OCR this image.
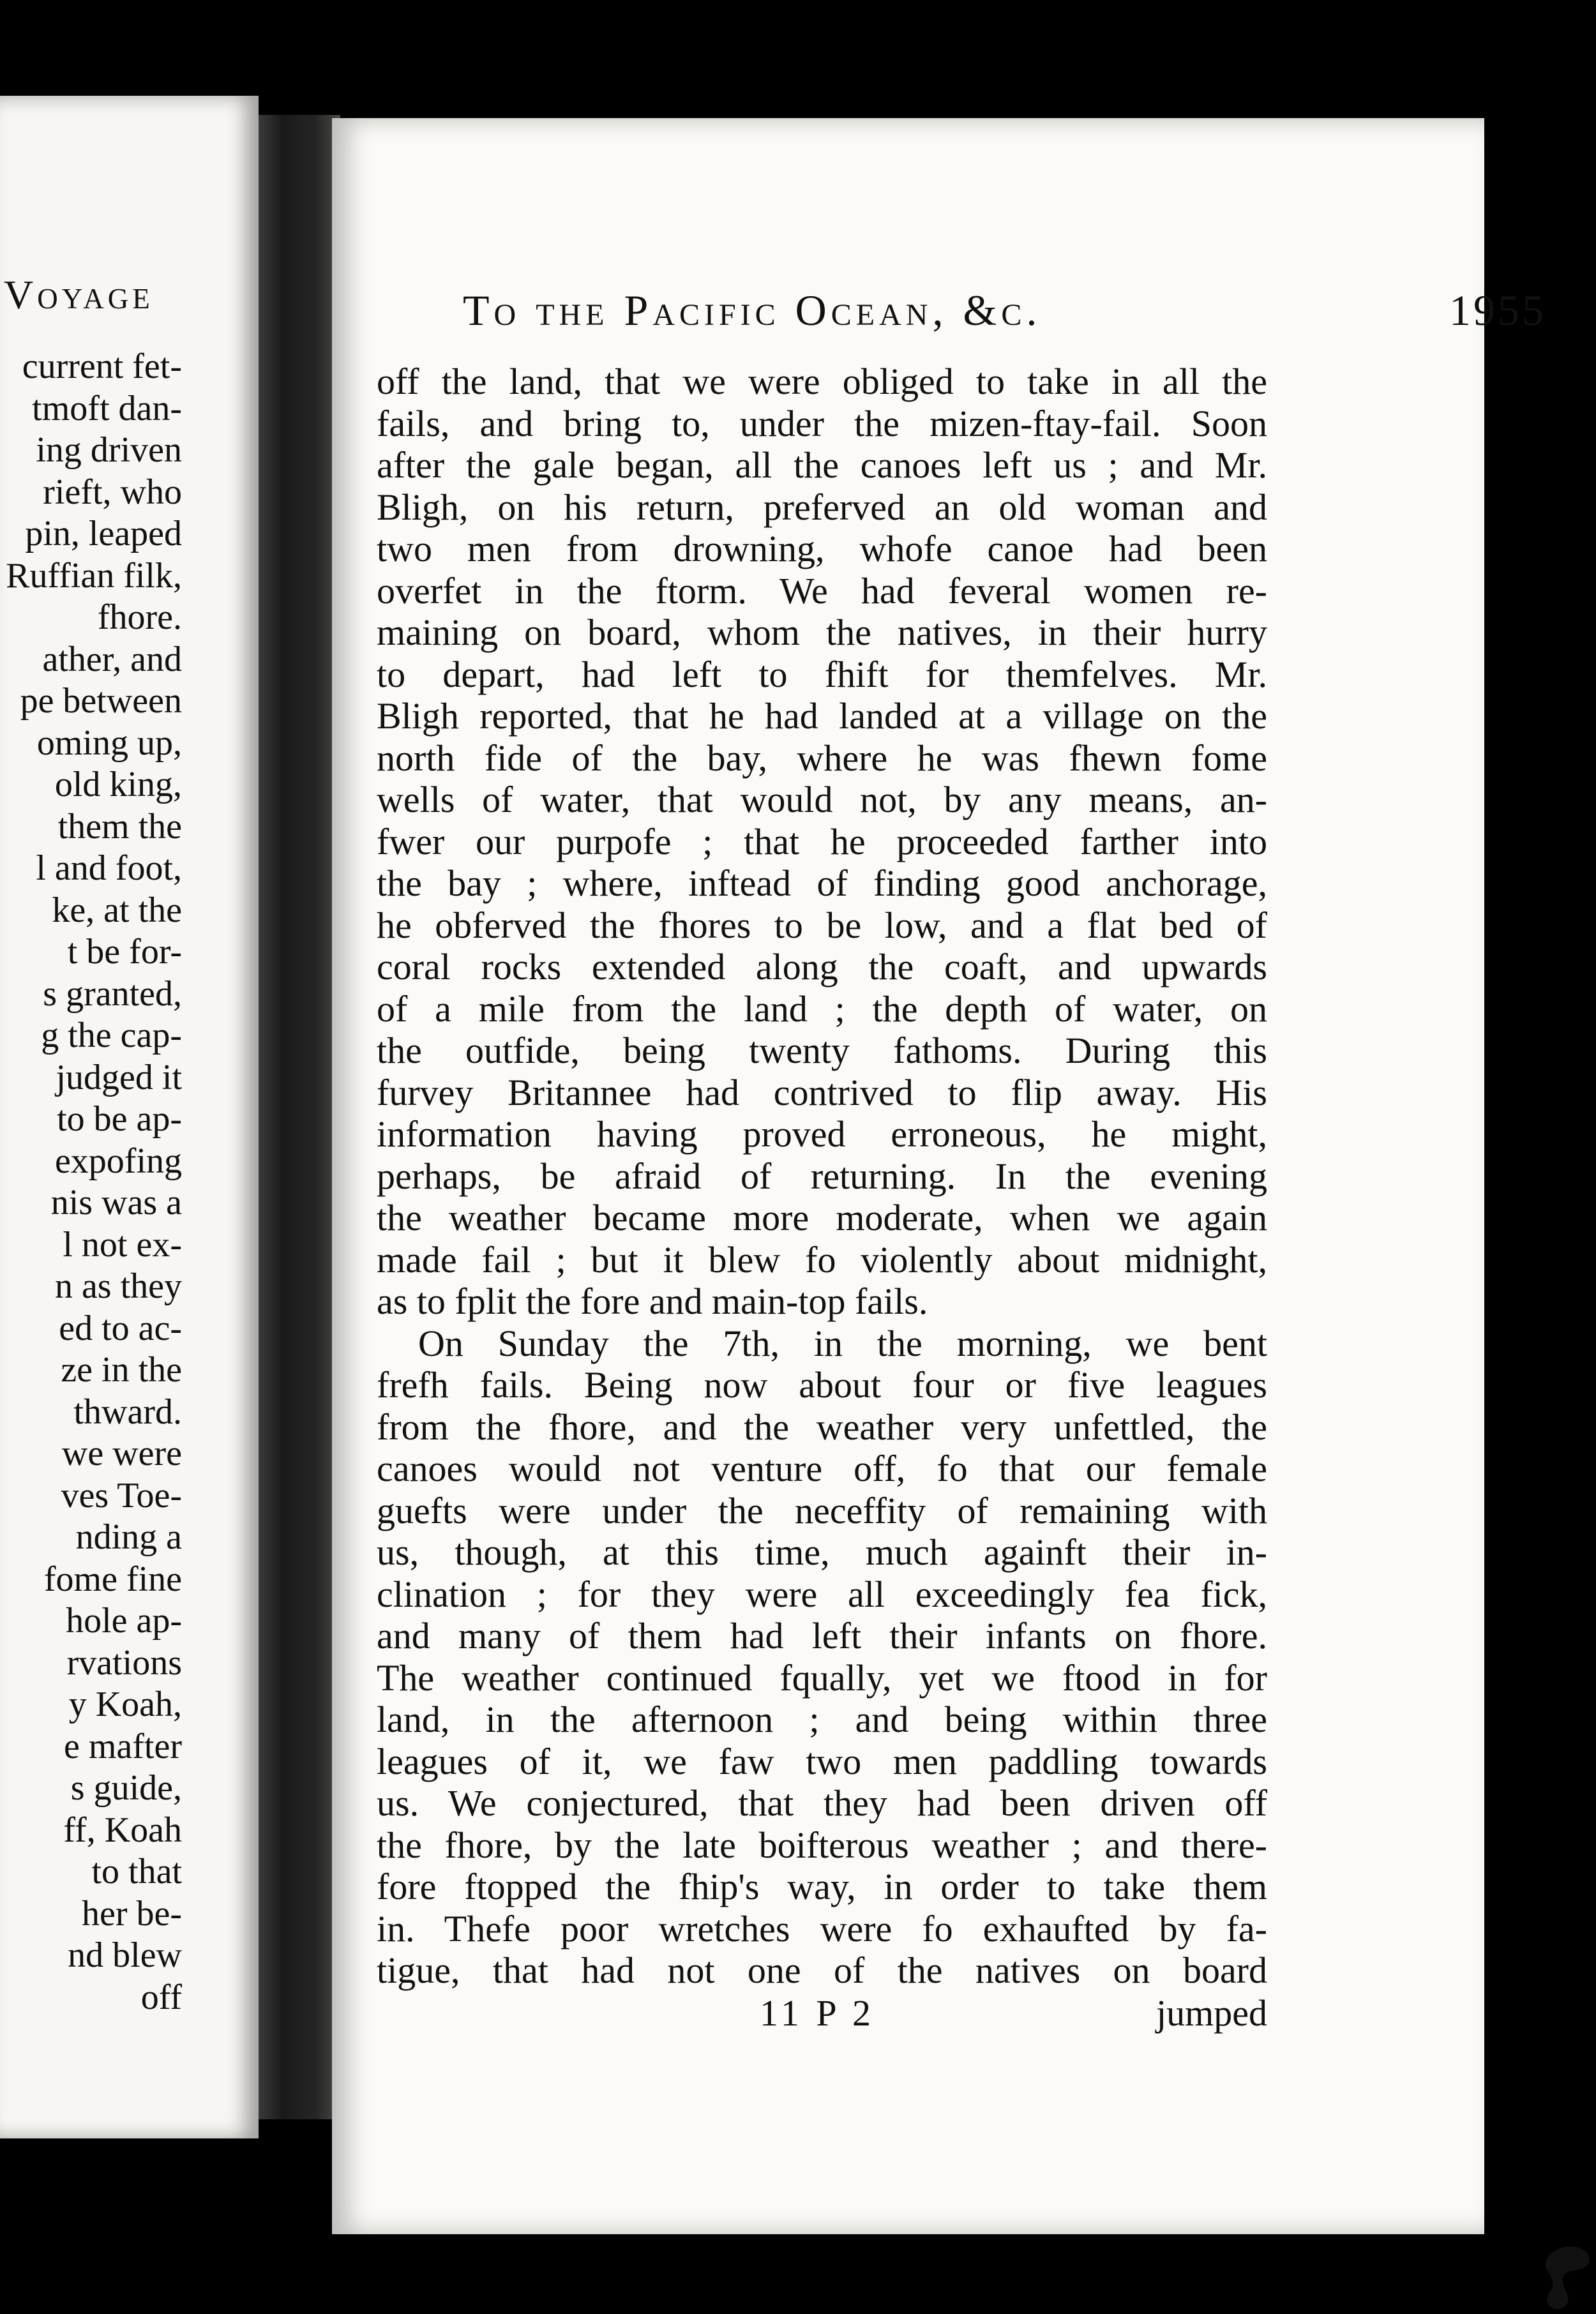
Voyage
current fet-
tmoft dan-
ing driven
rieft, who
pin, leaped
Ruffian filk,
fhore.
ather, and
pe between
oming up,
old king,
them the
l and foot,
ke, at the
t be for-
s granted,
g the cap-
judged it
to be ap-
expofing
nis was a
l not ex-
n as they
ed to ac-
ze in the
thward.
we were
ves Toe-
nding a
fome fine
hole ap-
rvations
y Koah,
e mafter
s guide,
ff, Koah
to that
her be-
nd blew
off
To the Pacific Ocean, &c.	1955
off the land, that we were obliged to take in all the
fails, and bring to, under the mizen-ftay-fail. Soon
after the gale began, all the canoes left us ; and Mr.
Bligh, on his return, preferved an old woman and
two men from drowning, whofe canoe had been
overfet in the ftorm. We had feveral women re-
maining on board, whom the natives, in their hurry
to depart, had left to fhift for themfelves. Mr.
Bligh reported, that he had landed at a village on the
north fide of the bay, where he was fhewn fome
wells of water, that would not, by any means, an-
fwer our purpofe ; that he proceeded farther into
the bay ; where, inftead of finding good anchorage,
he obferved the fhores to be low, and a flat bed of
coral rocks extended along the coaft, and upwards
of a mile from the land ; the depth of water, on
the outfide, being twenty fathoms. During this
furvey Britannee had contrived to flip away. His
information having proved erroneous, he might,
perhaps, be afraid of returning. In the evening
the weather became more moderate, when we again
made fail ; but it blew fo violently about midnight,
as to fplit the fore and main-top fails.
On Sunday the 7th, in the morning, we bent
frefh fails. Being now about four or five leagues
from the fhore, and the weather very unfettled, the
canoes would not venture off, fo that our female
guefts were under the neceffity of remaining with
us, though, at this time, much againft their in-
clination ; for they were all exceedingly fea fick,
and many of them had left their infants on fhore.
The weather continued fqually, yet we ftood in for
land, in the afternoon ; and being within three
leagues of it, we faw two men paddling towards
us. We conjectured, that they had been driven off
the fhore, by the late boifterous weather ; and there-
fore ftopped the fhip's way, in order to take them
in. Thefe poor wretches were fo exhaufted by fa-
tigue, that had not one of the natives on board
11 P 2	jumped
